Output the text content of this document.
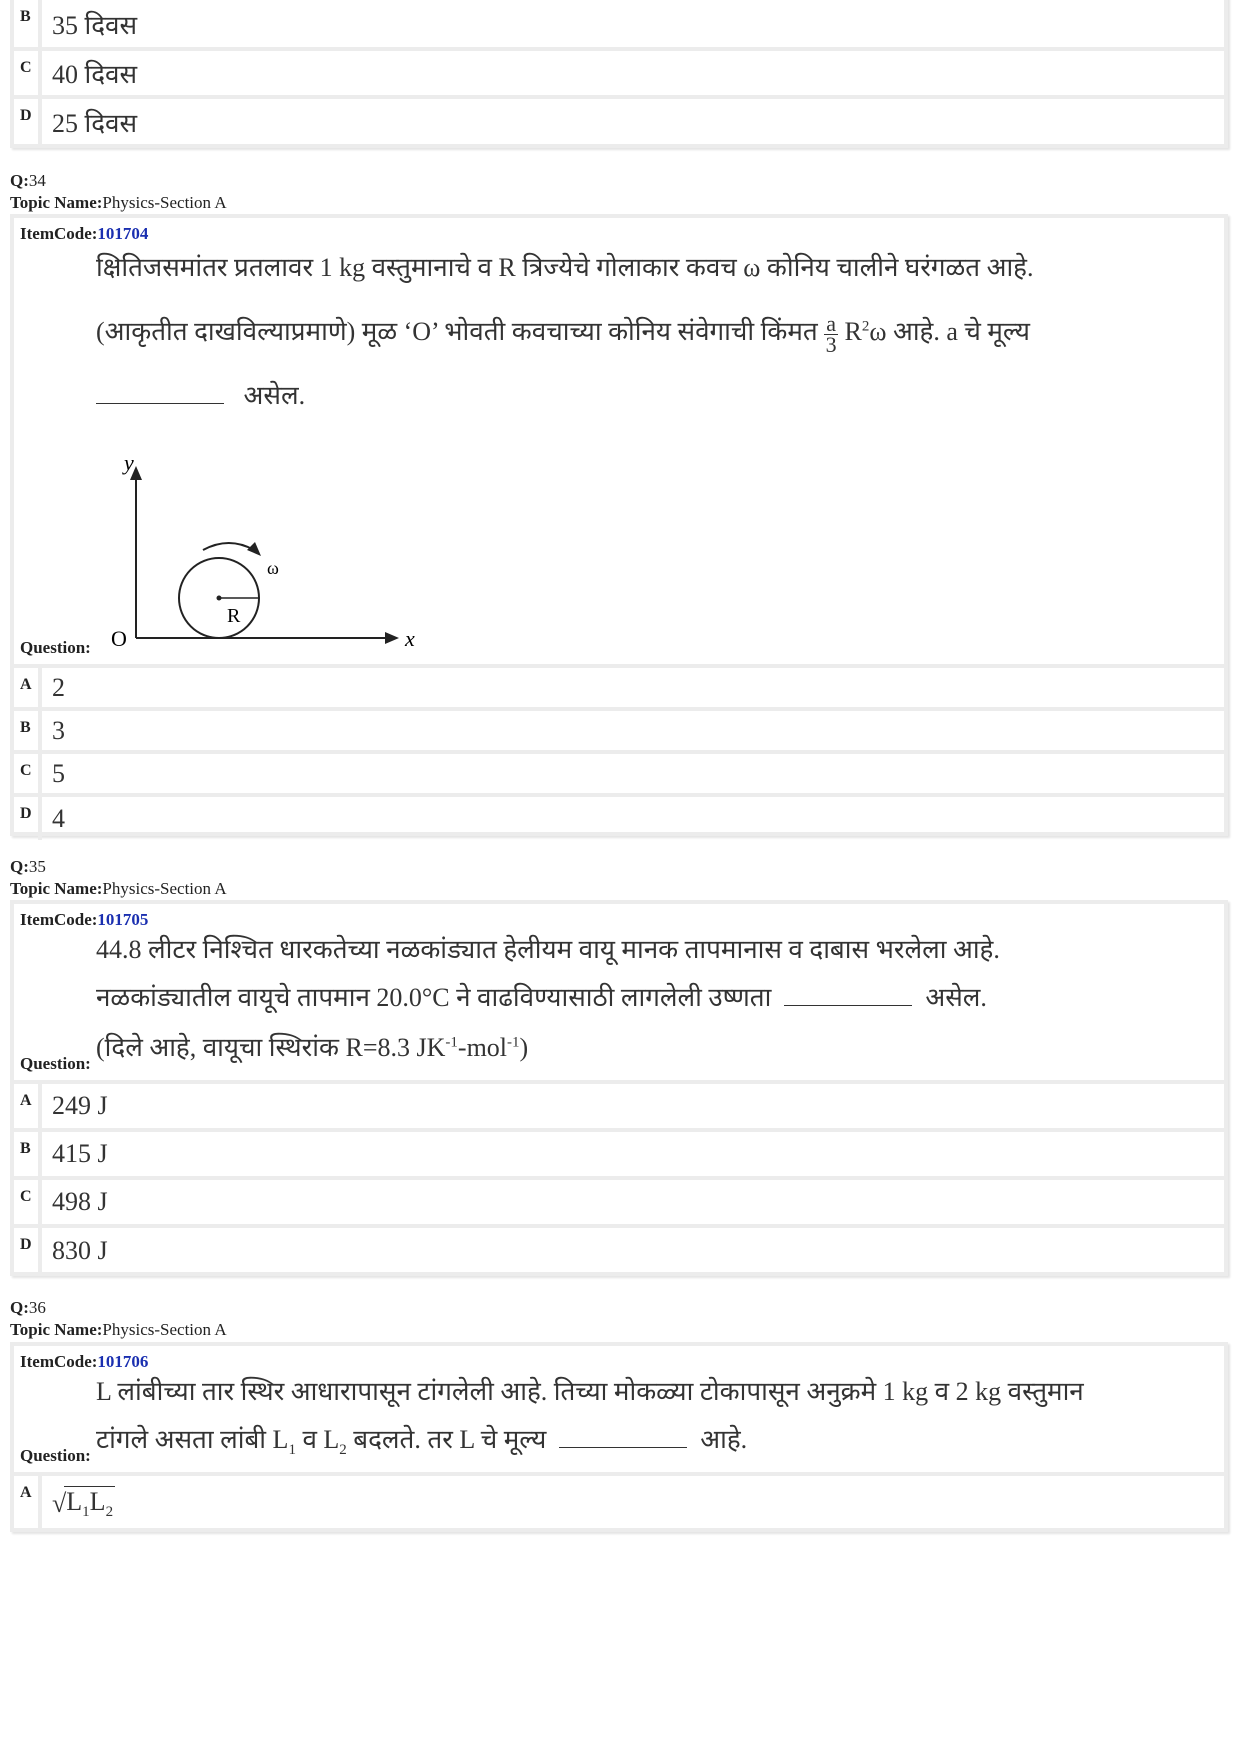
B 35 दिवस
C 40 दिवस
D 25 दिवस
Q:34
Topic Name:Physics-Section A
ItemCode:101704
क्षितिजसमांतर प्रतलावर 1 kg वस्तुमानाचे व R त्रिज्येचे गोलाकार कवच ω कोनिय चालीने घरंगळत आहे.
(आकृतीत दाखविल्याप्रमाणे) मूळ ‘O’ भोवती कवचाच्या कोनिय संवेगाची किंमत $\frac{a}{3} R^2\omega$ आहे. a चे मूल्य
असेल.
y
x
O
R
ω
Question:
A 2
B 3
C 5
D 4
Q:35
Topic Name:Physics-Section A
ItemCode:101705
44.8 लीटर निश्चित धारकतेच्या नळकांड्यात हेलीयम वायू मानक तापमानास व दाबास भरलेला आहे.
नळकांड्यातील वायूचे तापमान 20.0°C ने वाढविण्यासाठी लागलेली उष्णता	असेल.
(दिले आहे, वायूचा स्थिरांक R=8.3 $JK^{-1}-mol^{-1}$)
Question:
A 249 J
B 415 J
C 498 J
D 830 J
Q:36
Topic Name:Physics-Section A
ItemCode:101706
L लांबीच्या तार स्थिर आधारापासून टांगलेली आहे. तिच्या मोकळ्या टोकापासून अनुक्रमे 1 kg व 2 kg वस्तुमान
टांगले असता लांबी $L_1$ व $L_2$ बदलते. तर L चे मूल्य	आहे.
Question:
A √ $L_1L_2$
